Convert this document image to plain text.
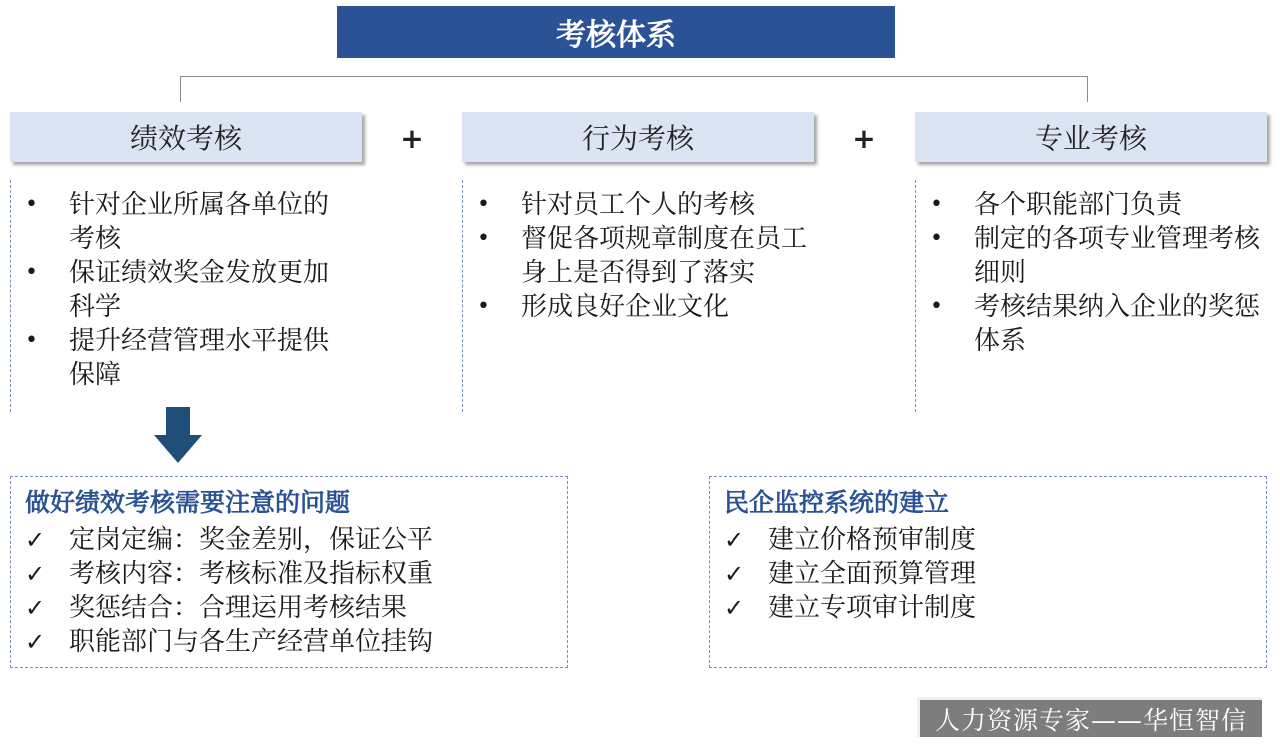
考核体系
绩效考核	+	行为考核	+	专业考核
• 针对企业所属各单位的考核
• 保证绩效奖金发放更加科学
• 提升经营管理水平提供保障
• 针对员工个人的考核
• 督促各项规章制度在员工身上是否得到了落实
• 形成良好企业文化
• 各个职能部门负责
• 制定的各项专业管理考核细则
• 考核结果纳入企业的奖惩体系
做好绩效考核需要注意的问题
✓ 定岗定编：奖金差别，保证公平
✓ 考核内容：考核标准及指标权重
✓ 奖惩结合：合理运用考核结果
✓ 职能部门与各生产经营单位挂钩
民企监控系统的建立
✓ 建立价格预审制度
✓ 建立全面预算管理
✓ 建立专项审计制度
人力资源专家——华恒智信
